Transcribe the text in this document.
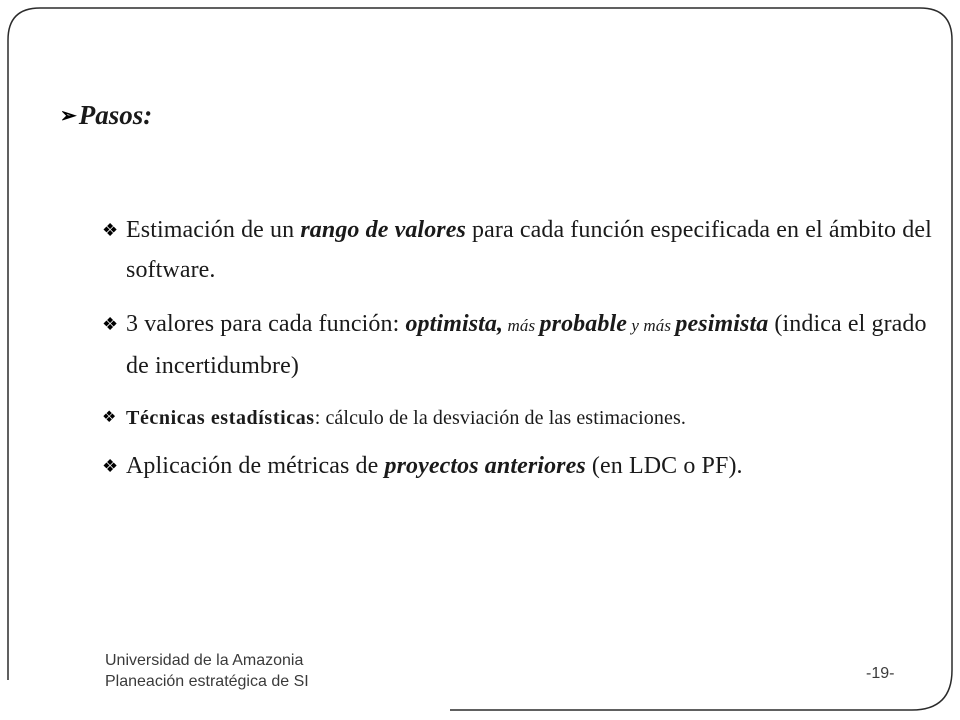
➢ Pasos:
❖ Estimación de un rango de valores para cada función especificada en el ámbito del software.
❖ 3 valores para cada función: optimista, más probable y más pesimista (indica el grado de incertidumbre)
❖ Técnicas estadísticas: cálculo de la desviación de las estimaciones.
❖ Aplicación de métricas de proyectos anteriores (en LDC o PF).
Universidad de la Amazonia
Planeación estratégica de SI	-19-
